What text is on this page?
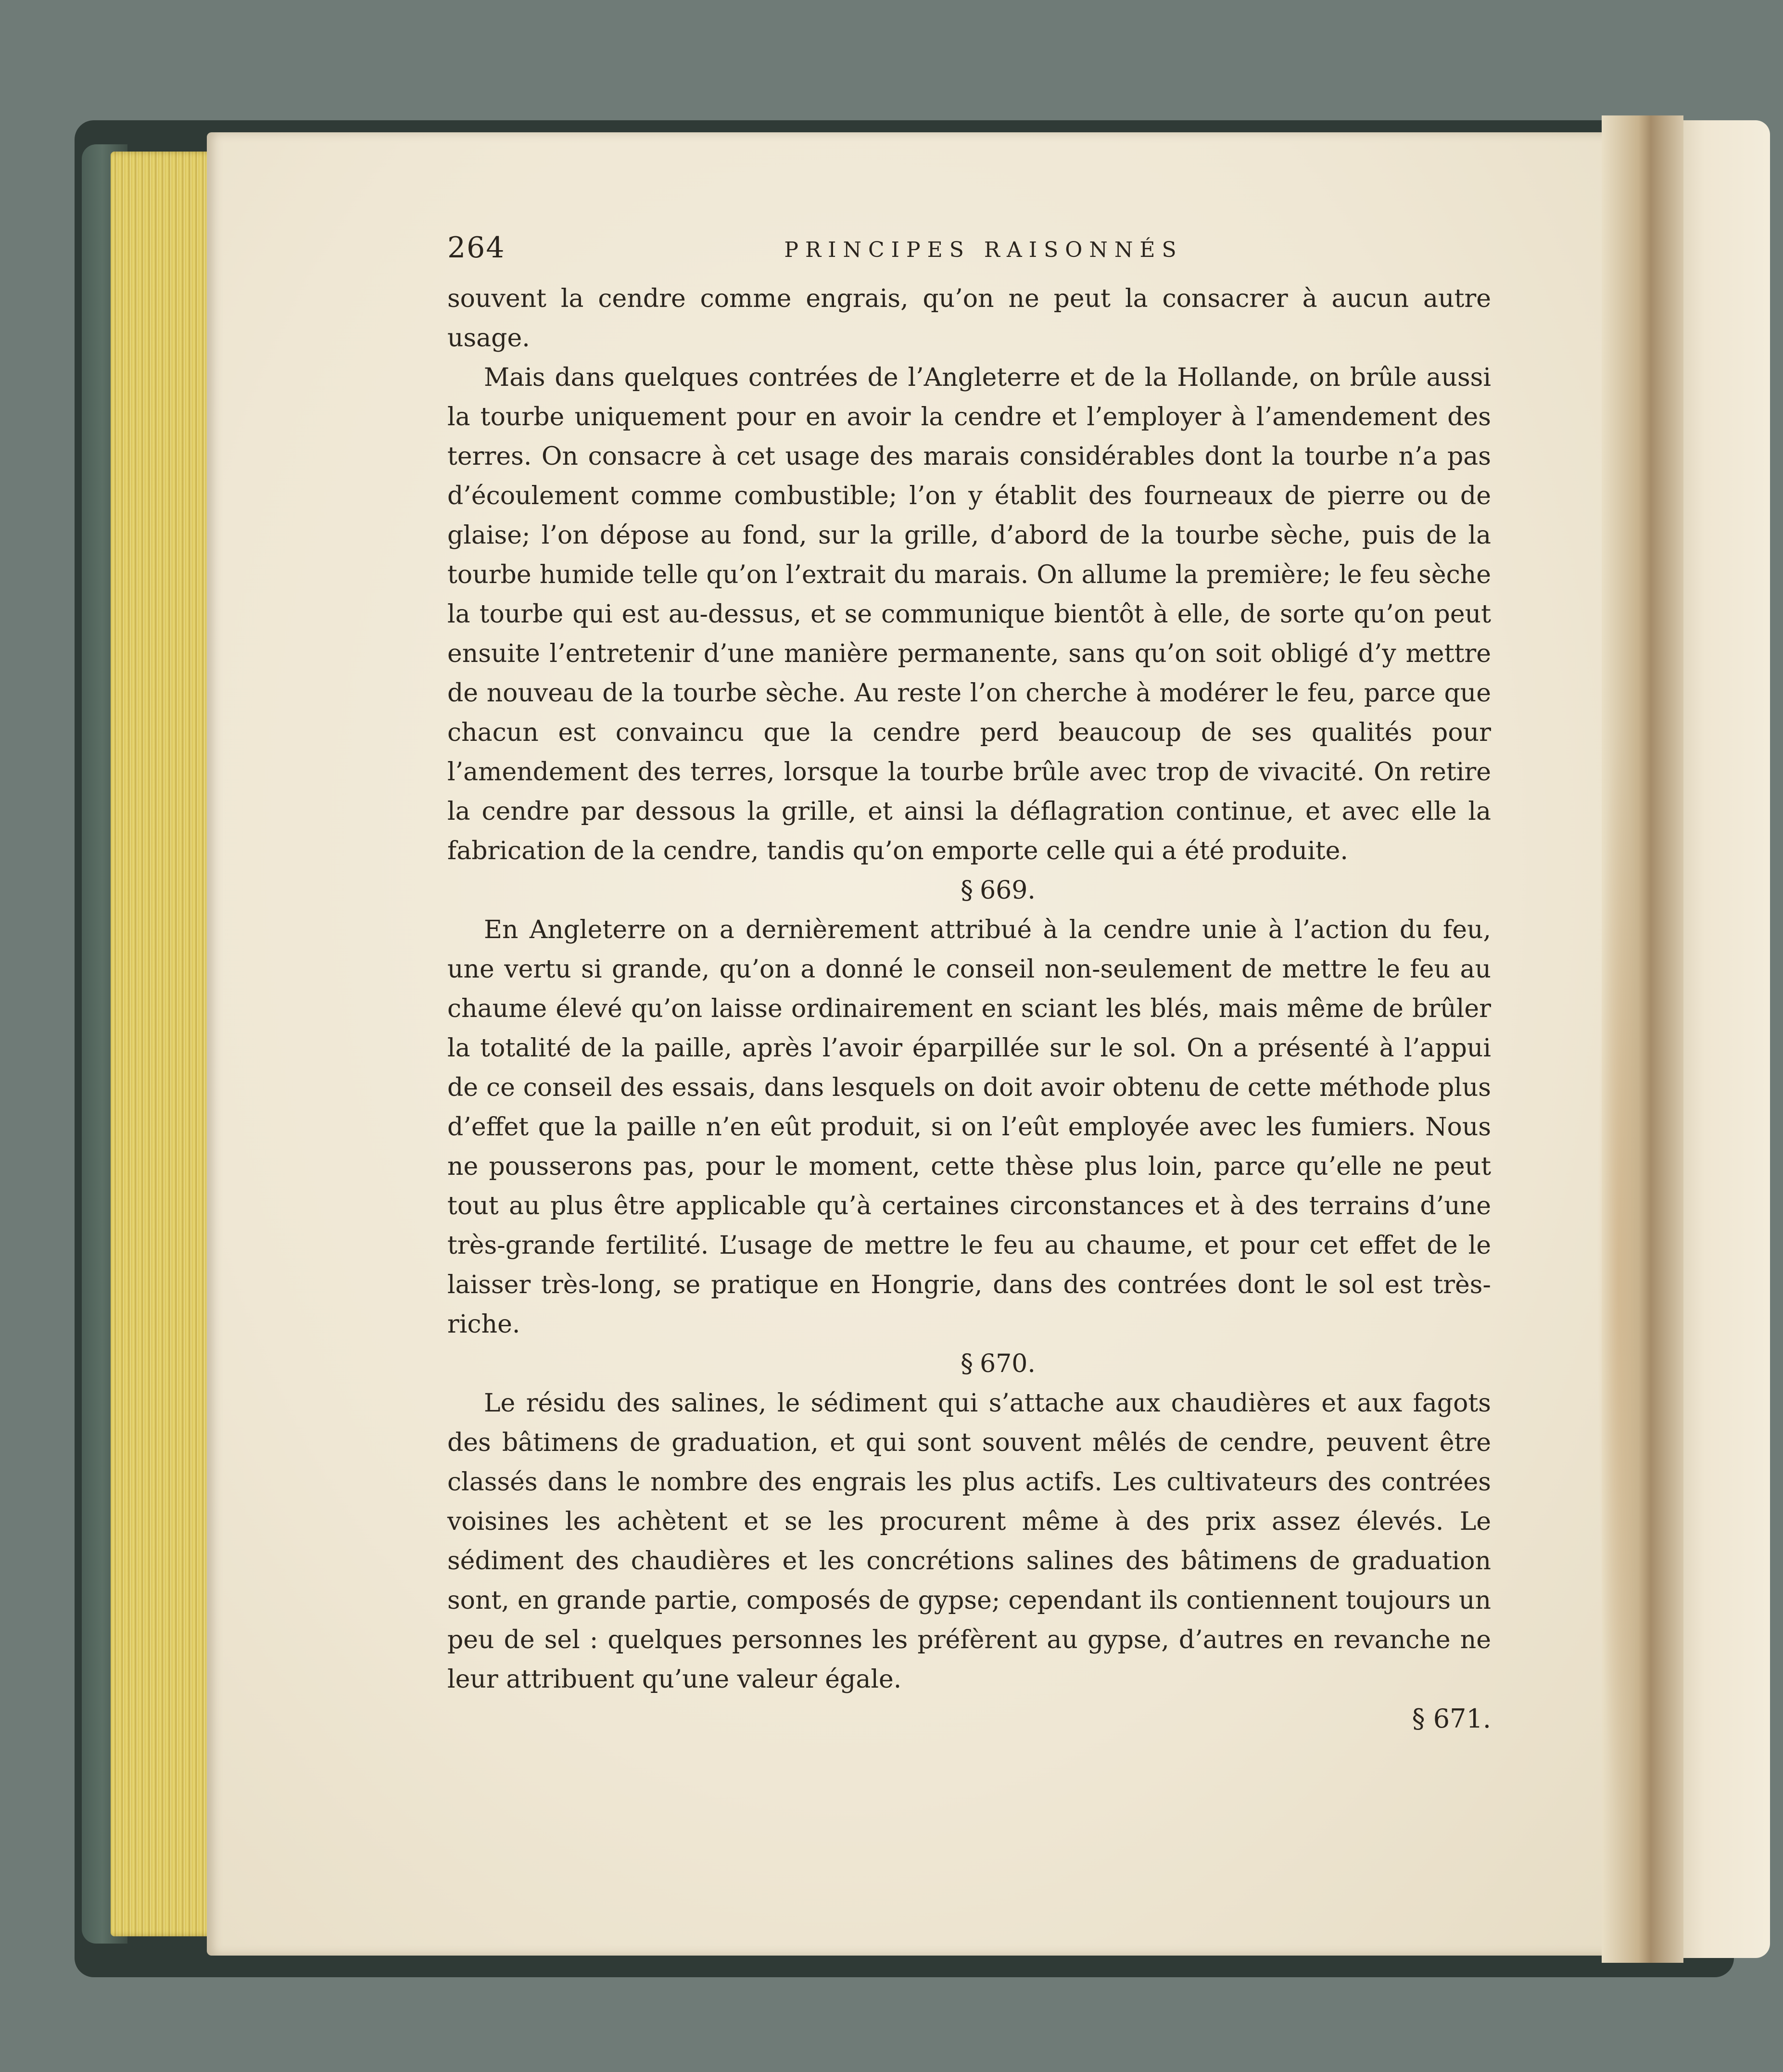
264	PRINCIPES RAISONNÉS

souvent la cendre comme engrais, qu’on ne peut la consacrer à aucun autre usage.

Mais dans quelques contrées de l’Angleterre et de la Hollande, on brûle aussi la tourbe uniquement pour en avoir la cendre et l’employer à l’amendement des terres. On consacre à cet usage des marais considérables dont la tourbe n’a pas d’écoulement comme combustible; l’on y établit des fourneaux de pierre ou de glaise; l’on dépose au fond, sur la grille, d’abord de la tourbe sèche, puis de la tourbe humide telle qu’on l’extrait du marais. On allume la première; le feu sèche la tourbe qui est au-dessus, et se communique bientôt à elle, de sorte qu’on peut ensuite l’entretenir d’une manière permanente, sans qu’on soit obligé d’y mettre de nouveau de la tourbe sèche. Au reste l’on cherche à modérer le feu, parce que chacun est convaincu que la cendre perd beaucoup de ses qualités pour l’amendement des terres, lorsque la tourbe brûle avec trop de vivacité. On retire la cendre par dessous la grille, et ainsi la déflagration continue, et avec elle la fabrication de la cendre, tandis qu’on emporte celle qui a été produite.

§ 669.

En Angleterre on a dernièrement attribué à la cendre unie à l’action du feu, une vertu si grande, qu’on a donné le conseil non-seulement de mettre le feu au chaume élevé qu’on laisse ordinairement en sciant les blés, mais même de brûler la totalité de la paille, après l’avoir éparpillée sur le sol. On a présenté à l’appui de ce conseil des essais, dans lesquels on doit avoir obtenu de cette méthode plus d’effet que la paille n’en eût produit, si on l’eût employée avec les fumiers. Nous ne pousserons pas, pour le moment, cette thèse plus loin, parce qu’elle ne peut tout au plus être applicable qu’à certaines circonstances et à des terrains d’une très-grande fertilité. L’usage de mettre le feu au chaume, et pour cet effet de le laisser très-long, se pratique en Hongrie, dans des contrées dont le sol est très-riche.

§ 670.

Le résidu des salines, le sédiment qui s’attache aux chaudières et aux fagots des bâtimens de graduation, et qui sont souvent mêlés de cendre, peuvent être classés dans le nombre des engrais les plus actifs. Les cultivateurs des contrées voisines les achètent et se les procurent même à des prix assez élevés. Le sédiment des chaudières et les concrétions salines des bâtimens de graduation sont, en grande partie, composés de gypse; cependant ils contiennent toujours un peu de sel : quelques personnes les préfèrent au gypse, d’autres en revanche ne leur attribuent qu’une valeur égale.

§ 671.
